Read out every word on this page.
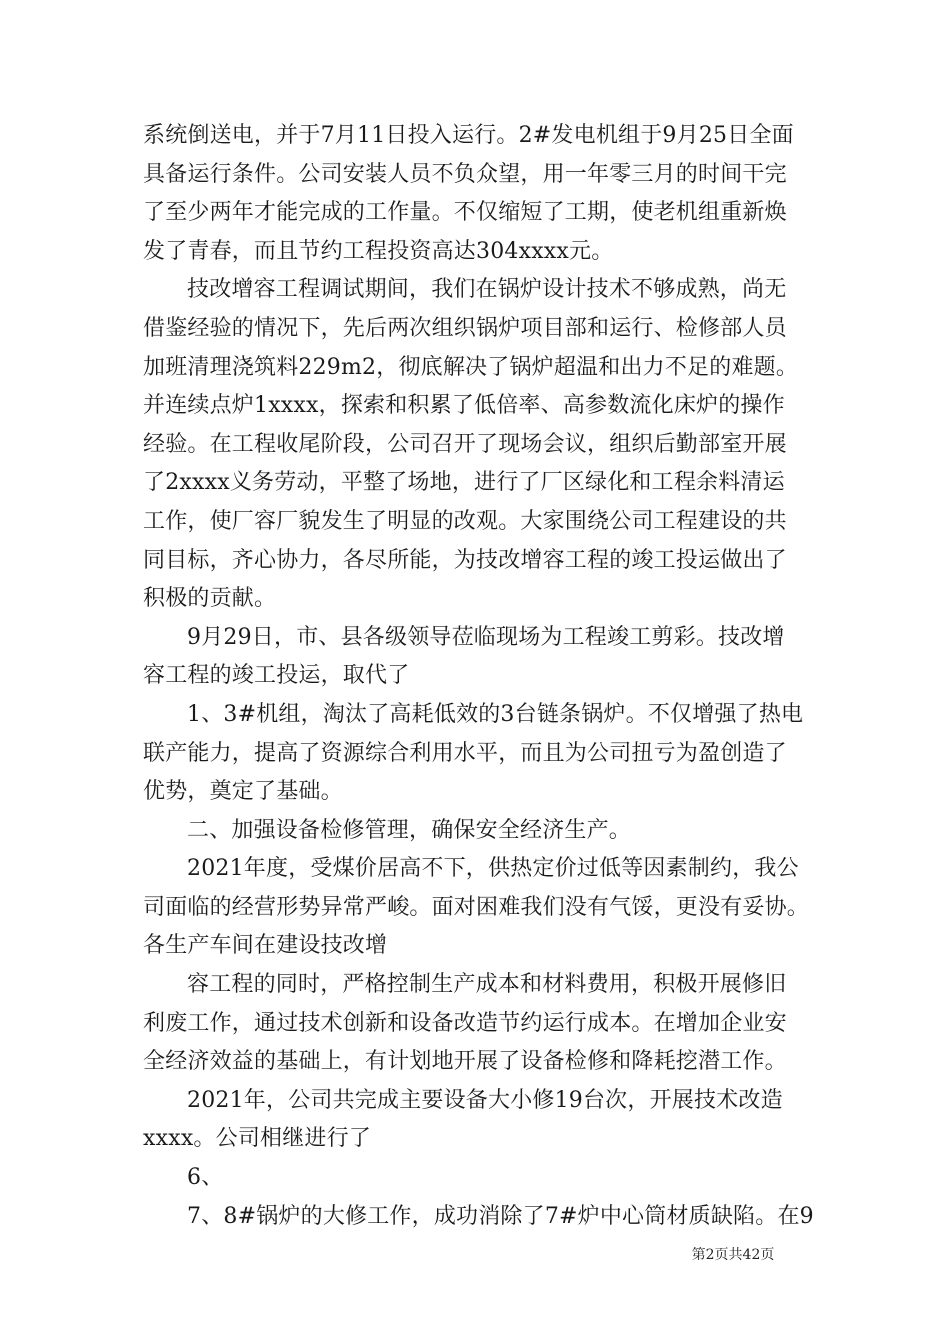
系统倒送电，并于7月11日投入运行。2#发电机组于9月25日全面
具备运行条件。公司安装人员不负众望，用一年零三月的时间干完
了至少两年才能完成的工作量。不仅缩短了工期，使老机组重新焕
发了青春，而且节约工程投资高达304xxxx元。
技改增容工程调试期间，我们在锅炉设计技术不够成熟，尚无
借鉴经验的情况下，先后两次组织锅炉项目部和运行、检修部人员
加班清理浇筑料229m2，彻底解决了锅炉超温和出力不足的难题。
并连续点炉1xxxx，探索和积累了低倍率、高参数流化床炉的操作
经验。在工程收尾阶段，公司召开了现场会议，组织后勤部室开展
了2xxxx义务劳动，平整了场地，进行了厂区绿化和工程余料清运
工作，使厂容厂貌发生了明显的改观。大家围绕公司工程建设的共
同目标，齐心协力，各尽所能，为技改增容工程的竣工投运做出了
积极的贡献。
9月29日，市、县各级领导莅临现场为工程竣工剪彩。技改增
容工程的竣工投运，取代了
1、3#机组，淘汰了高耗低效的3台链条锅炉。不仅增强了热电
联产能力，提高了资源综合利用水平，而且为公司扭亏为盈创造了
优势，奠定了基础。
二、加强设备检修管理，确保安全经济生产。
2021年度，受煤价居高不下，供热定价过低等因素制约，我公
司面临的经营形势异常严峻。面对困难我们没有气馁，更没有妥协。
各生产车间在建设技改增
容工程的同时，严格控制生产成本和材料费用，积极开展修旧
利废工作，通过技术创新和设备改造节约运行成本。在增加企业安
全经济效益的基础上，有计划地开展了设备检修和降耗挖潜工作。
2021年，公司共完成主要设备大小修19台次，开展技术改造
xxxx。公司相继进行了
6、
7、8#锅炉的大修工作，成功消除了7#炉中心筒材质缺陷。在9
第2页共42页
